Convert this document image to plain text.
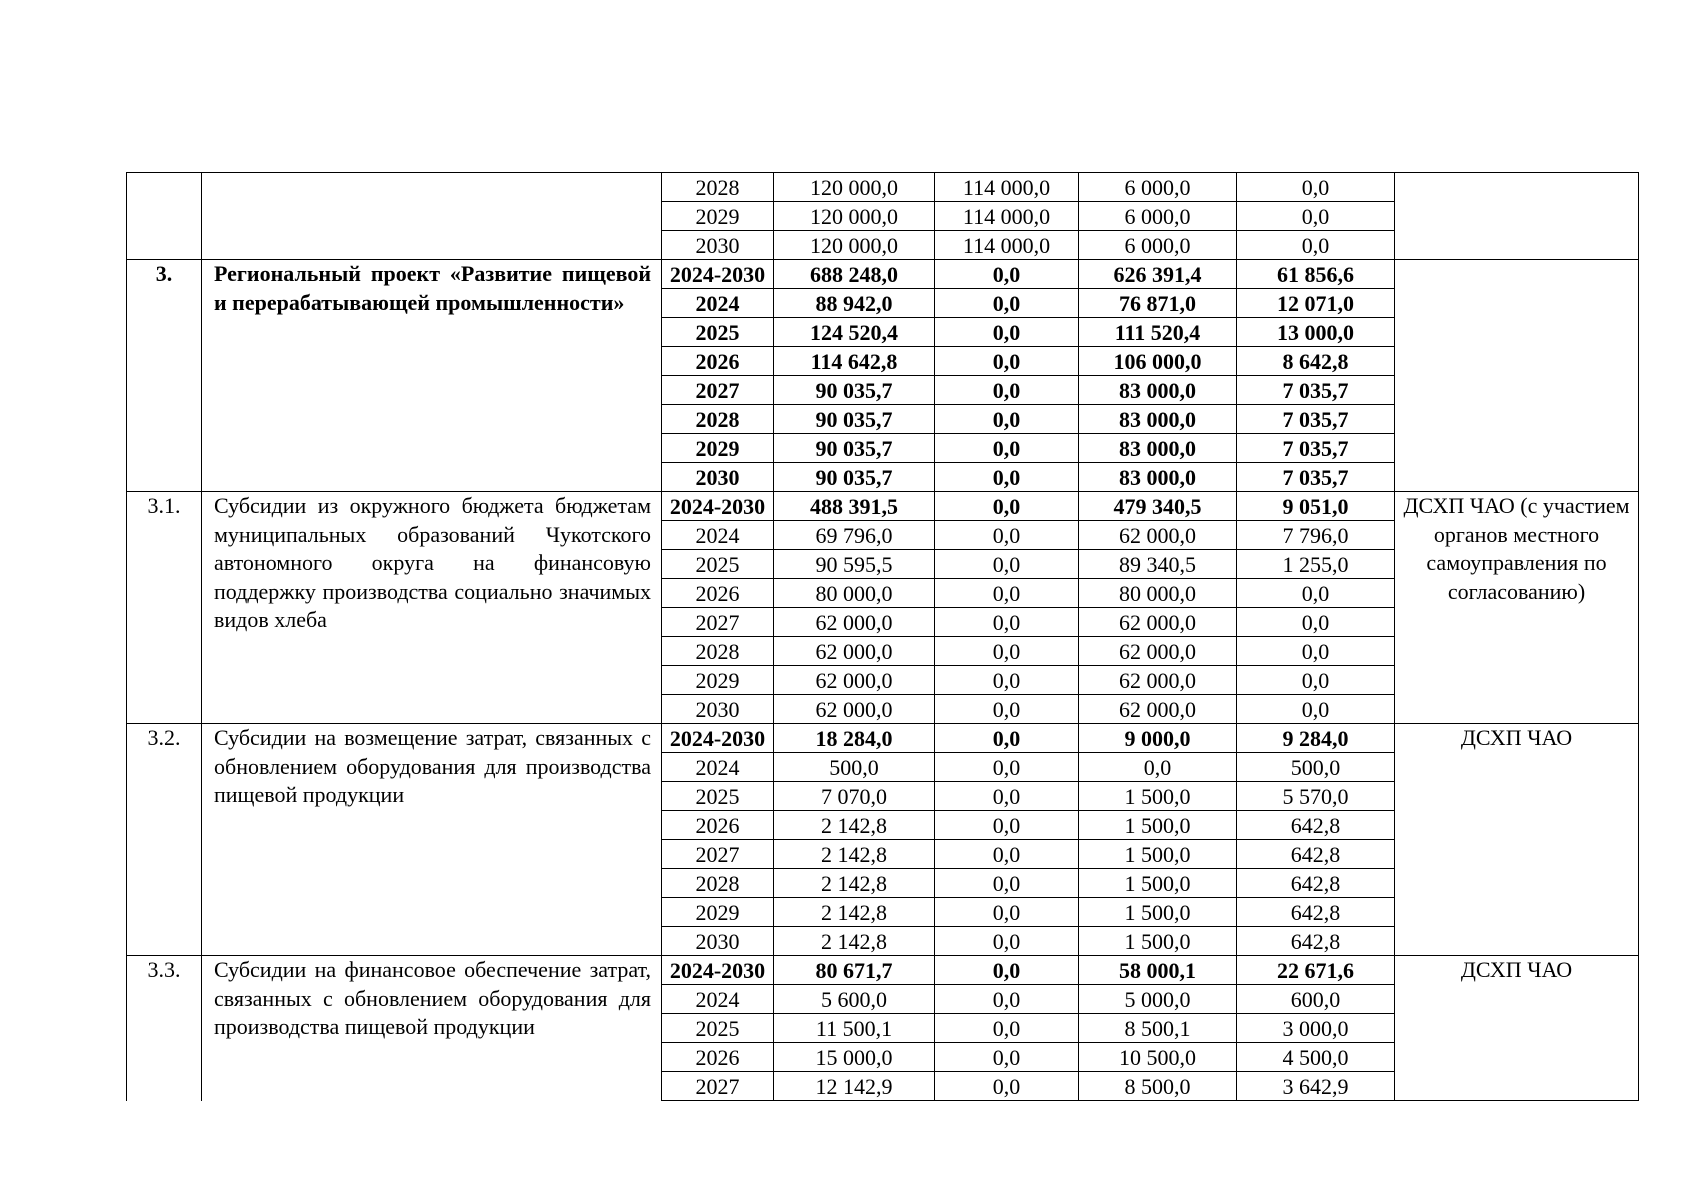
		2028	120 000,0	114 000,0	6 000,0	0,0	
		2029	120 000,0	114 000,0	6 000,0	0,0	
		2030	120 000,0	114 000,0	6 000,0	0,0	
3.	Региональный проект «Развитие пищевой и перерабатывающей промышленности»	2024-2030	688 248,0	0,0	626 391,4	61 856,6	
		2024	88 942,0	0,0	76 871,0	12 071,0	
		2025	124 520,4	0,0	111 520,4	13 000,0	
		2026	114 642,8	0,0	106 000,0	8 642,8	
		2027	90 035,7	0,0	83 000,0	7 035,7	
		2028	90 035,7	0,0	83 000,0	7 035,7	
		2029	90 035,7	0,0	83 000,0	7 035,7	
		2030	90 035,7	0,0	83 000,0	7 035,7	
3.1.	Субсидии из окружного бюджета бюджетам муниципальных образований Чукотского автономного округа на финансовую поддержку производства социально значимых видов хлеба	2024-2030	488 391,5	0,0	479 340,5	9 051,0	ДСХП ЧАО (с участием органов местного самоуправления по согласованию)
		2024	69 796,0	0,0	62 000,0	7 796,0	
		2025	90 595,5	0,0	89 340,5	1 255,0	
		2026	80 000,0	0,0	80 000,0	0,0	
		2027	62 000,0	0,0	62 000,0	0,0	
		2028	62 000,0	0,0	62 000,0	0,0	
		2029	62 000,0	0,0	62 000,0	0,0	
		2030	62 000,0	0,0	62 000,0	0,0	
3.2.	Субсидии на возмещение затрат, связанных с обновлением оборудования для производства пищевой продукции	2024-2030	18 284,0	0,0	9 000,0	9 284,0	ДСХП ЧАО
		2024	500,0	0,0	0,0	500,0	
		2025	7 070,0	0,0	1 500,0	5 570,0	
		2026	2 142,8	0,0	1 500,0	642,8	
		2027	2 142,8	0,0	1 500,0	642,8	
		2028	2 142,8	0,0	1 500,0	642,8	
		2029	2 142,8	0,0	1 500,0	642,8	
		2030	2 142,8	0,0	1 500,0	642,8	
3.3.	Субсидии на финансовое обеспечение затрат, связанных с обновлением оборудования для производства пищевой продукции	2024-2030	80 671,7	0,0	58 000,1	22 671,6	ДСХП ЧАО
		2024	5 600,0	0,0	5 000,0	600,0	
		2025	11 500,1	0,0	8 500,1	3 000,0	
		2026	15 000,0	0,0	10 500,0	4 500,0	
		2027	12 142,9	0,0	8 500,0	3 642,9	
